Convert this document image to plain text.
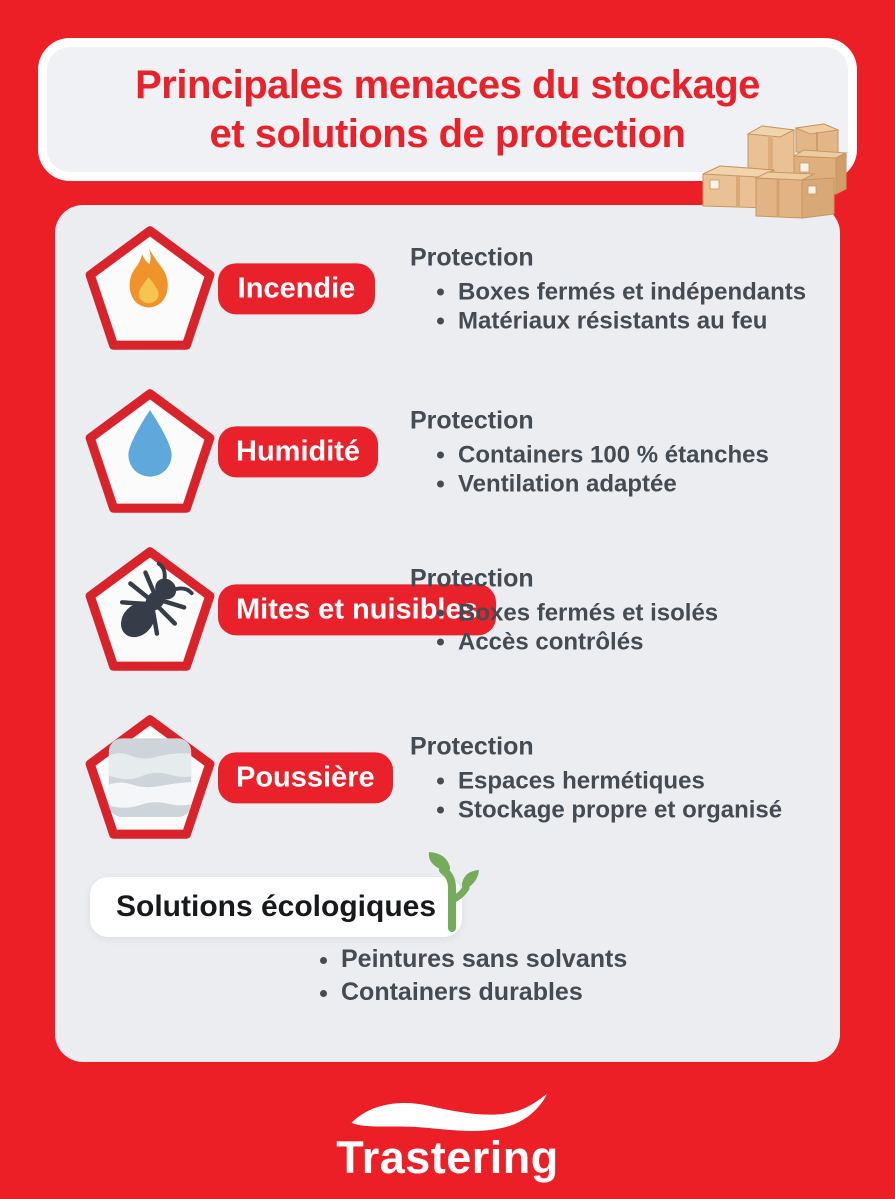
Principales menaces du stockage
et solutions de protection
Incendie
Protection
• Boxes fermés et indépendants
• Matériaux résistants au feu
Humidité
Protection
• Containers 100 % étanches
• Ventilation adaptée
Mites et nuisibles
Protection
• Boxes fermés et isolés
• Accès contrôlés
Poussière
Protection
• Espaces hermétiques
• Stockage propre et organisé
Solutions écologiques
• Peintures sans solvants
• Containers durables
Trastering
